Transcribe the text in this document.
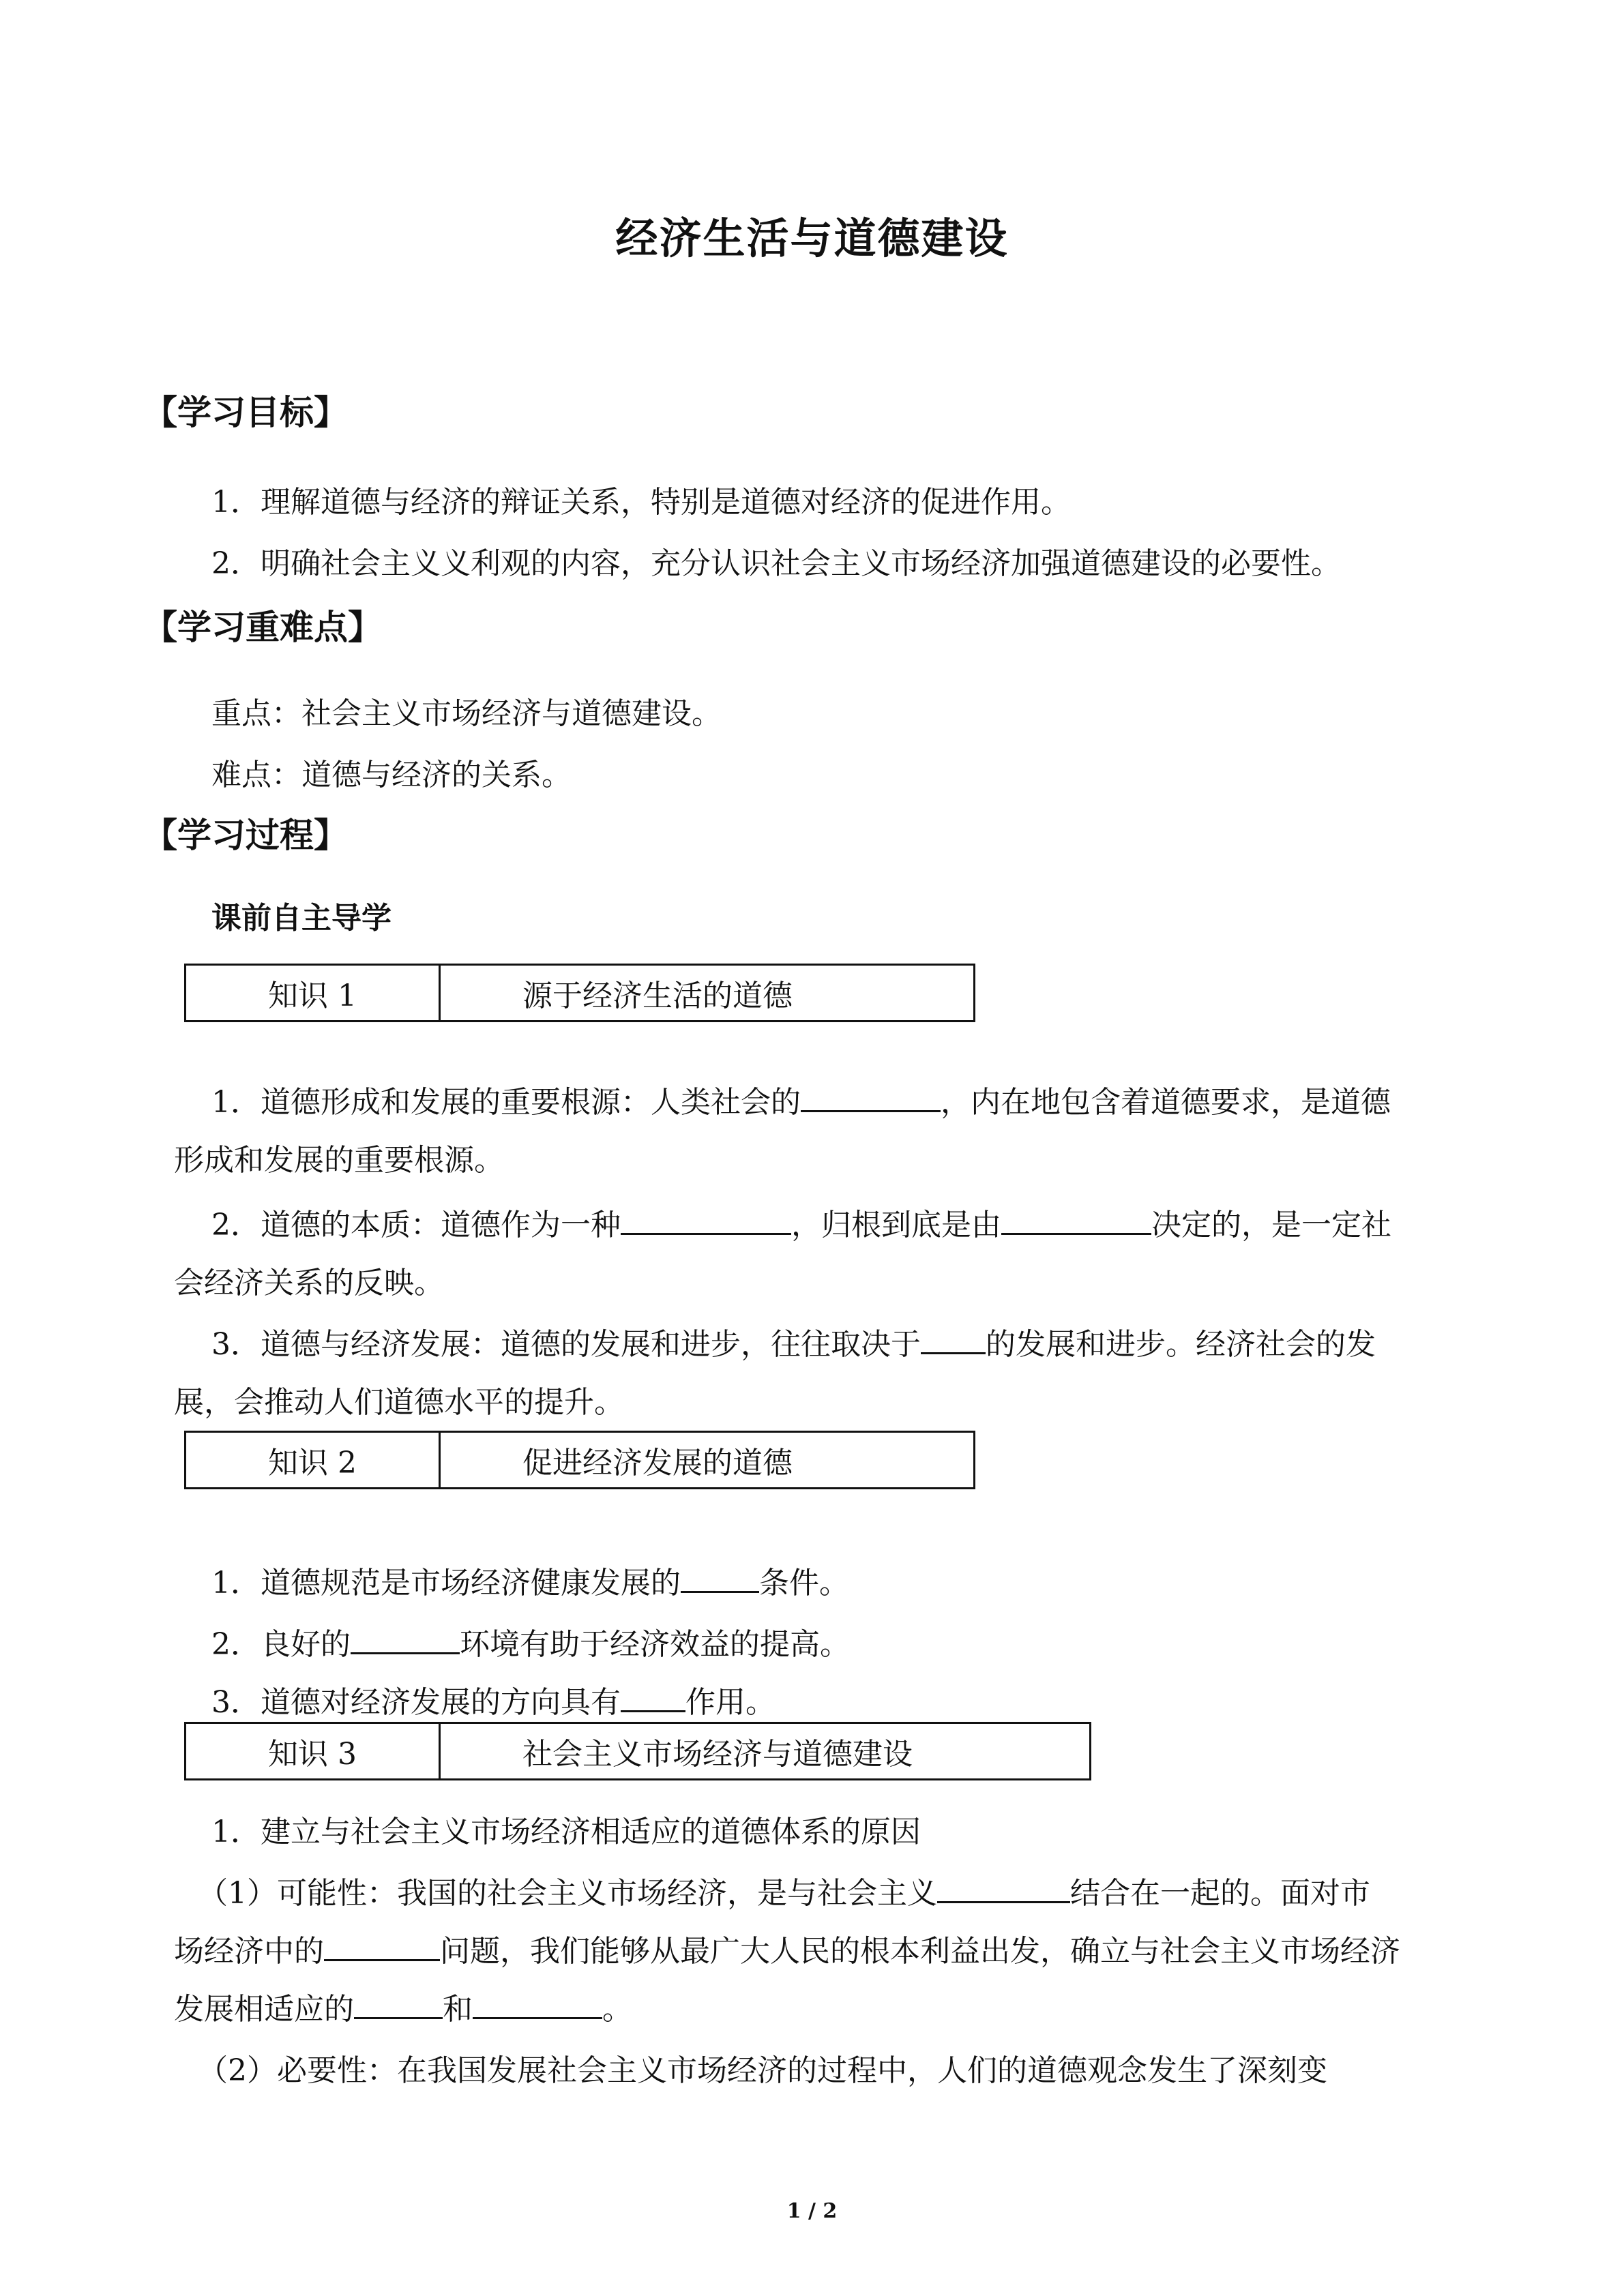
经济生活与道德建设
【学习目标】
1．理解道德与经济的辩证关系，特别是道德对经济的促进作用。
2．明确社会主义义利观的内容，充分认识社会主义市场经济加强道德建设的必要性。
【学习重难点】
重点：社会主义市场经济与道德建设。
难点：道德与经济的关系。
【学习过程】
课前自主导学
知识 1	源于经济生活的道德
1．道德形成和发展的重要根源：人类社会的	，内在地包含着道德要求，是道德
形成和发展的重要根源。
2．道德的本质：道德作为一种	，归根到底是由	决定的，是一定社
会经济关系的反映。
3．道德与经济发展：道德的发展和进步，往往取决于 的发展和进步。经济社会的发
展，会推动人们道德水平的提升。
知识 2	促进经济发展的道德
1．道德规范是市场经济健康发展的	条件。
2．良好的	环境有助于经济效益的提高。
3．道德对经济发展的方向具有 作用。
知识 3	社会主义市场经济与道德建设
1．建立与社会主义市场经济相适应的道德体系的原因
（1）可能性：我国的社会主义市场经济，是与社会主义	结合在一起的。面对市
场经济中的	问题，我们能够从最广大人民的根本利益出发，确立与社会主义市场经济
发展相适应的	和	。
（2）必要性：在我国发展社会主义市场经济的过程中，人们的道德观念发生了深刻变
1 / 2
